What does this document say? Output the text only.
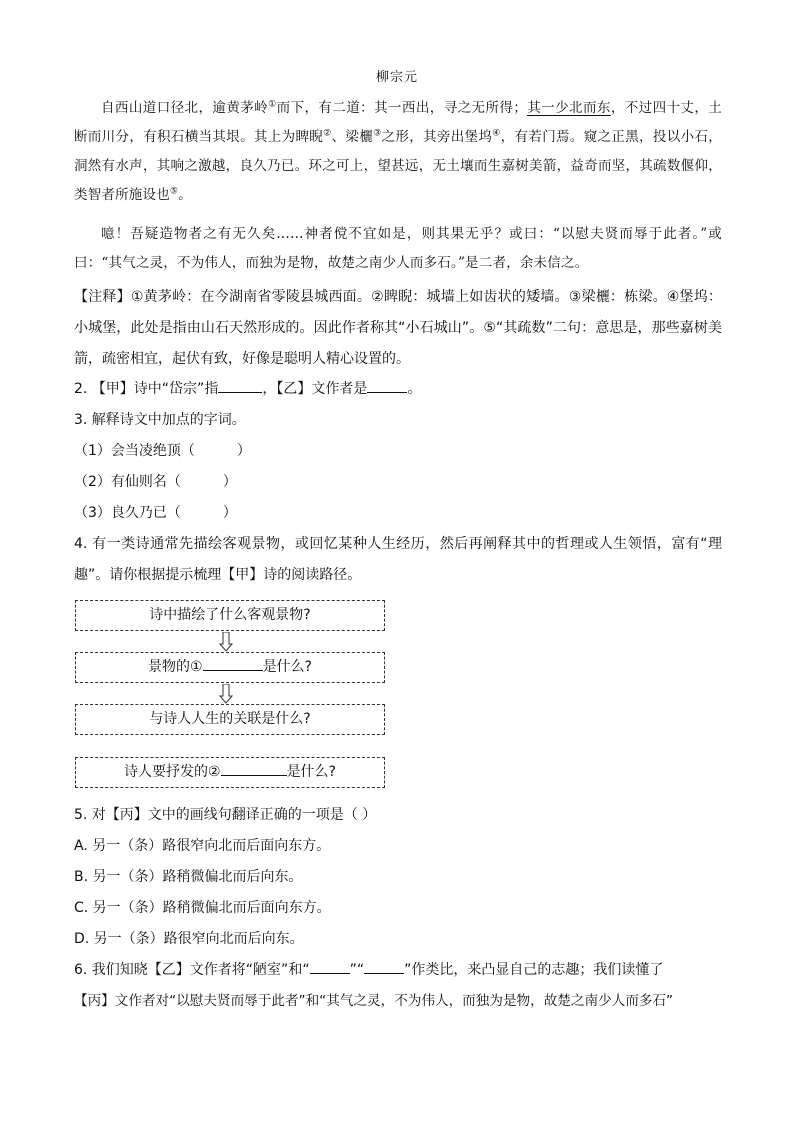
柳宗元

自西山道口径北，逾黄茅岭①而下，有二道：其一西出，寻之无所得；其一少北而东，不过四十丈，土断而川分，有积石横当其垠。其上为睥睨②、梁欐③之形，其旁出堡坞④，有若门焉。窥之正黑，投以小石，洞然有水声，其响之激越，良久乃已。环之可上，望甚远，无土壤而生嘉树美箭，益奇而坚，其疏数偃仰，类智者所施设也⑤。

噫！吾疑造物者之有无久矣……神者傥不宜如是，则其果无乎？或曰：“以慰夫贤而辱于此者。”或曰：“其气之灵，不为伟人，而独为是物，故楚之南少人而多石。”是二者，余未信之。

【注释】①黄茅岭：在今湖南省零陵县城西面。②睥睨：城墙上如齿状的矮墙。③梁欐：栋梁。④堡坞：小城堡，此处是指由山石天然形成的。因此作者称其“小石城山”。⑤“其疏数”二句：意思是，那些嘉树美箭，疏密相宜，起伏有致，好像是聪明人精心设置的。

2. 【甲】诗中“岱宗”指	，【乙】文作者是	。
3. 解释诗文中加点的字词。
（1）会当凌绝顶（	）
（2）有仙则名（	）
（3）良久乃已（	）

4. 有一类诗通常先描绘客观景物，或回忆某种人生经历，然后再阐释其中的哲理或人生领悟，富有“理趣”。请你根据提示梳理【甲】诗的阅读路径。

诗中描绘了什么客观景物?
景物的①	是什么?
与诗人人生的关联是什么?
诗人要抒发的②	是什么?
5. 对【丙】文中的画线句翻译正确的一项是（ ）
A. 另一（条）路很窄向北而后面向东方。
B. 另一（条）路稍微偏北而后向东。
C. 另一（条）路稍微偏北而后面向东方。
D. 另一（条）路很窄向北而后向东。
6. 我们知晓【乙】文作者将“陋室”和“	”“	”作类比，来凸显自己的志趣；我们读懂了
【丙】文作者对“以慰夫贤而辱于此者”和“其气之灵，不为伟人，而独为是物，故楚之南少人而多石”
